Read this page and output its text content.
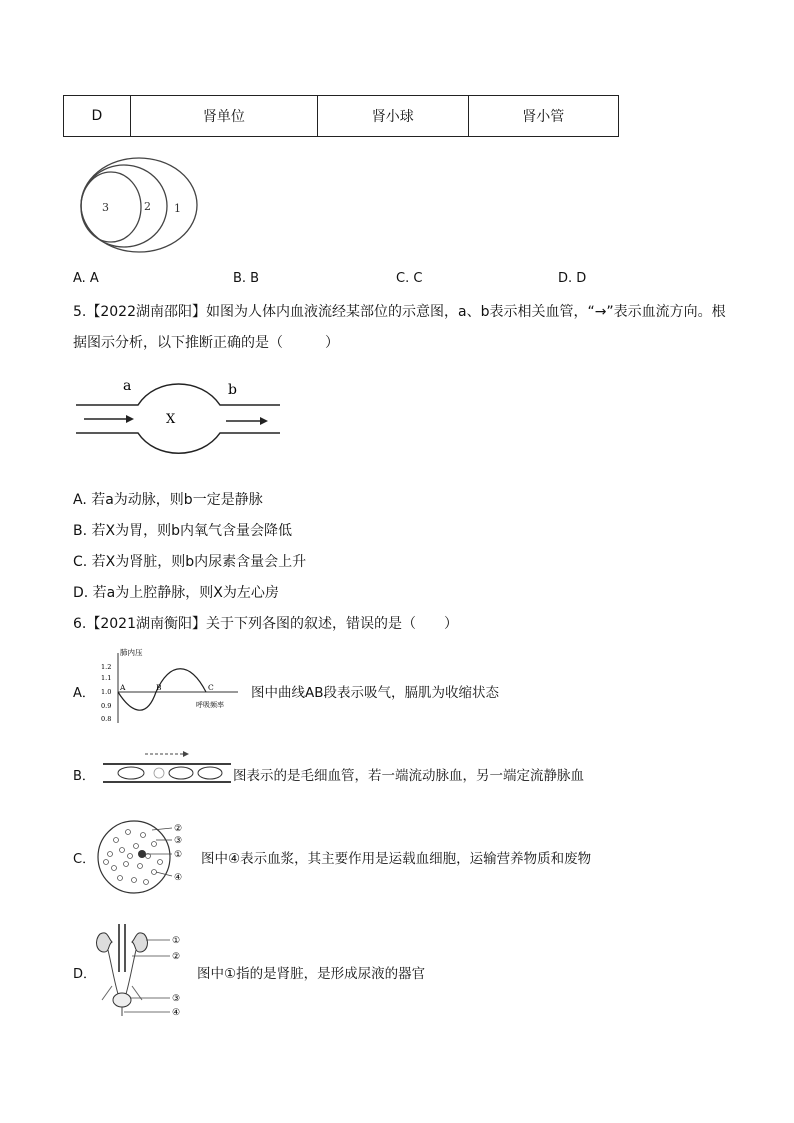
D	肾单位	肾小球	肾小管
3	2 1
A. A	B. B	C. C	D. D
5.【2022湖南邵阳】如图为人体内血液流经某部位的示意图，a、b表示相关血管，“→”表示血流方向。根
据图示分析，以下推断正确的是（　　　）
a	b
X
A. 若a为动脉，则b一定是静脉
B. 若X为胃，则b内氧气含量会降低
C. 若X为肾脏，则b内尿素含量会上升
D. 若a为上腔静脉，则X为左心房
6.【2021湖南衡阳】关于下列各图的叙述，错误的是（　　）
A．
肺内压
1.2
1.1
1.0
0.9
0.8
A	B	C
呼吸频率
图中曲线AB段表示吸气，膈肌为收缩状态
B．	图表示的是毛细血管，若一端流动脉血，另一端定流静脉血
C．
②
③
①
④
图中④表示血浆，其主要作用是运载血细胞，运输营养物质和废物
D．
①
②
③
④
图中①指的是肾脏，是形成尿液的器官
